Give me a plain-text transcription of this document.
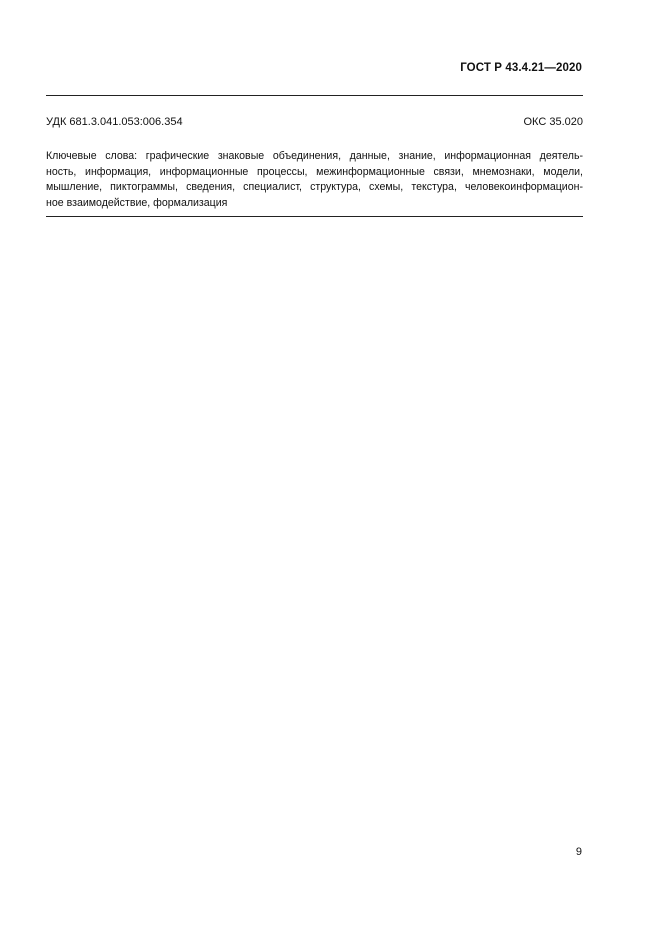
ГОСТ Р 43.4.21—2020
УДК 681.3.041.053:006.354	ОКС 35.020
Ключевые слова: графические знаковые объединения, данные, знание, информационная деятель-
ность, информация, информационные процессы, межинформационные связи, мнемознаки, модели,
мышление, пиктограммы, сведения, специалист, структура, схемы, текстура, человекоинформацион-
ное взаимодействие, формализация
9
